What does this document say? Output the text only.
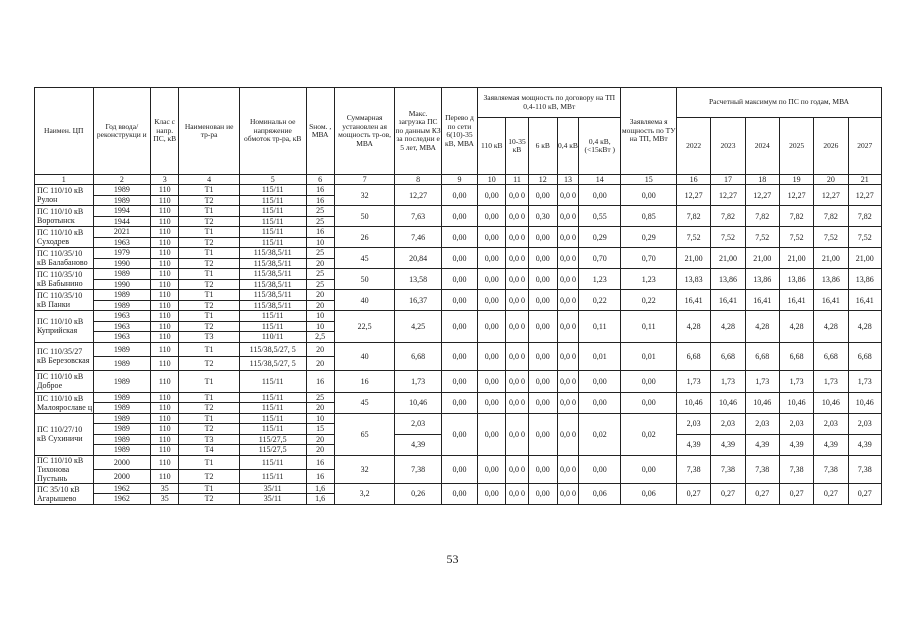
Наимен. ЦП	Год ввода/ реконструкци и	Клас с напр. ПС, кВ	Наименован ие тр-ра	Номинальн ое напряжение обмоток тр-ра, кВ	Sном. , МВА	Суммарная установлен ая мощность тр-ов, МВА	Макс. загрузка ПС по данным КЗ за последни е 5 лет, МВА	Перево д по сети 6(10)-35 кВ, МВА	Заявляемая мощность по договору на ТП 0,4-110 кВ, МВт					Заявляема я мощность по ТУ на ТП, МВт	Расчетный максимум по ПС по годам, МВА					
									110 кВ	10-35 кВ	6 кВ	0,4 кВ	0,4 кВ, (<15кВт )		2022	2023	2024	2025	2026	2027
1	2	3	4	5	6	7	8	9	10	11	12	13	14	15	16	17	18	19	20	21
ПС 110/10 кВ Рулон	1989	110	Т1	115/11	16	32	12,27	0,00	0,00	0,0 0	0,00	0,0 0	0,00	0,00	12,27	12,27	12,27	12,27	12,27	12,27
	1989	110	Т2	115/11	16															
ПС 110/10 кВ Воротынск	1994	110	Т1	115/11	25	50	7,63	0,00	0,00	0,0 0	0,30	0,0 0	0,55	0,85	7,82	7,82	7,82	7,82	7,82	7,82
	1944	110	Т2	115/11	25															
ПС 110/10 кВ Суходрев	2021	110	Т1	115/11	16	26	7,46	0,00	0,00	0,0 0	0,00	0,0 0	0,29	0,29	7,52	7,52	7,52	7,52	7,52	7,52
	1963	110	Т2	115/11	10															
ПС 110/35/10 кВ Балабаново	1979	110	Т1	115/38,5/11	25	45	20,84	0,00	0,00	0,0 0	0,00	0,0 0	0,70	0,70	21,00	21,00	21,00	21,00	21,00	21,00
	1990	110	Т2	115/38,5/11	20															
ПС 110/35/10 кВ Бабынино	1989	110	Т1	115/38,5/11	25	50	13,58	0,00	0,00	0,0 0	0,00	0,0 0	1,23	1,23	13,83	13,86	13,86	13,86	13,86	13,86
	1990	110	Т2	115/38,5/11	25															
ПС 110/35/10 кВ Панки	1989	110	Т1	115/38,5/11	20	40	16,37	0,00	0,00	0,0 0	0,00	0,0 0	0,22	0,22	16,41	16,41	16,41	16,41	16,41	16,41
	1989	110	Т2	115/38,5/11	20															
ПС 110/10 кВ Куприйская	1963	110	Т1	115/11	10	22,5	4,25	0,00	0,00	0,0 0	0,00	0,0 0	0,11	0,11	4,28	4,28	4,28	4,28	4,28	4,28
	1963	110	Т2	115/11	10															
	1963	110	Т3	110/11	2,5															
ПС 110/35/27 кВ Березовская	1989	110	Т1	115/38,5/27, 5	20	40	6,68	0,00	0,00	0,0 0	0,00	0,0 0	0,01	0,01	6,68	6,68	6,68	6,68	6,68	6,68
	1989	110	Т2	115/38,5/27, 5	20															
ПС 110/10 кВ Доброе	1989	110	Т1	115/11	16	16	1,73	0,00	0,00	0,0 0	0,00	0,0 0	0,00	0,00	1,73	1,73	1,73	1,73	1,73	1,73
ПС 110/10 кВ Малоярославе ц	1989	110	Т1	115/11	25	45	10,46	0,00	0,00	0,0 0	0,00	0,0 0	0,00	0,00	10,46	10,46	10,46	10,46	10,46	10,46
	1989	110	Т2	115/11	20															
ПС 110/27/10 кВ Сухиничи	1989	110	Т1	115/11	10	65	2,03	0,00	0,00	0,0 0	0,00	0,0 0	0,02	0,02	2,03	2,03	2,03	2,03	2,03	2,03
	1989	110	Т2	115/11	15															
	1989	110	Т3	115/27,5	20		4,39								4,39	4,39	4,39	4,39	4,39	4,39
	1989	110	Т4	115/27,5	20															
ПС 110/10 кВ Тихонова Пустынь	2000	110	Т1	115/11	16	32	7,38	0,00	0,00	0,0 0	0,00	0,0 0	0,00	0,00	7,38	7,38	7,38	7,38	7,38	7,38
	2000	110	Т2	115/11	16															
ПС 35/10 кВ Агарышево	1962	35	Т1	35/11	1,6	3,2	0,26	0,00	0,00	0,0 0	0,00	0,0 0	0,06	0,06	0,27	0,27	0,27	0,27	0,27	0,27
	1962	35	Т2	35/11	1,6															
53
